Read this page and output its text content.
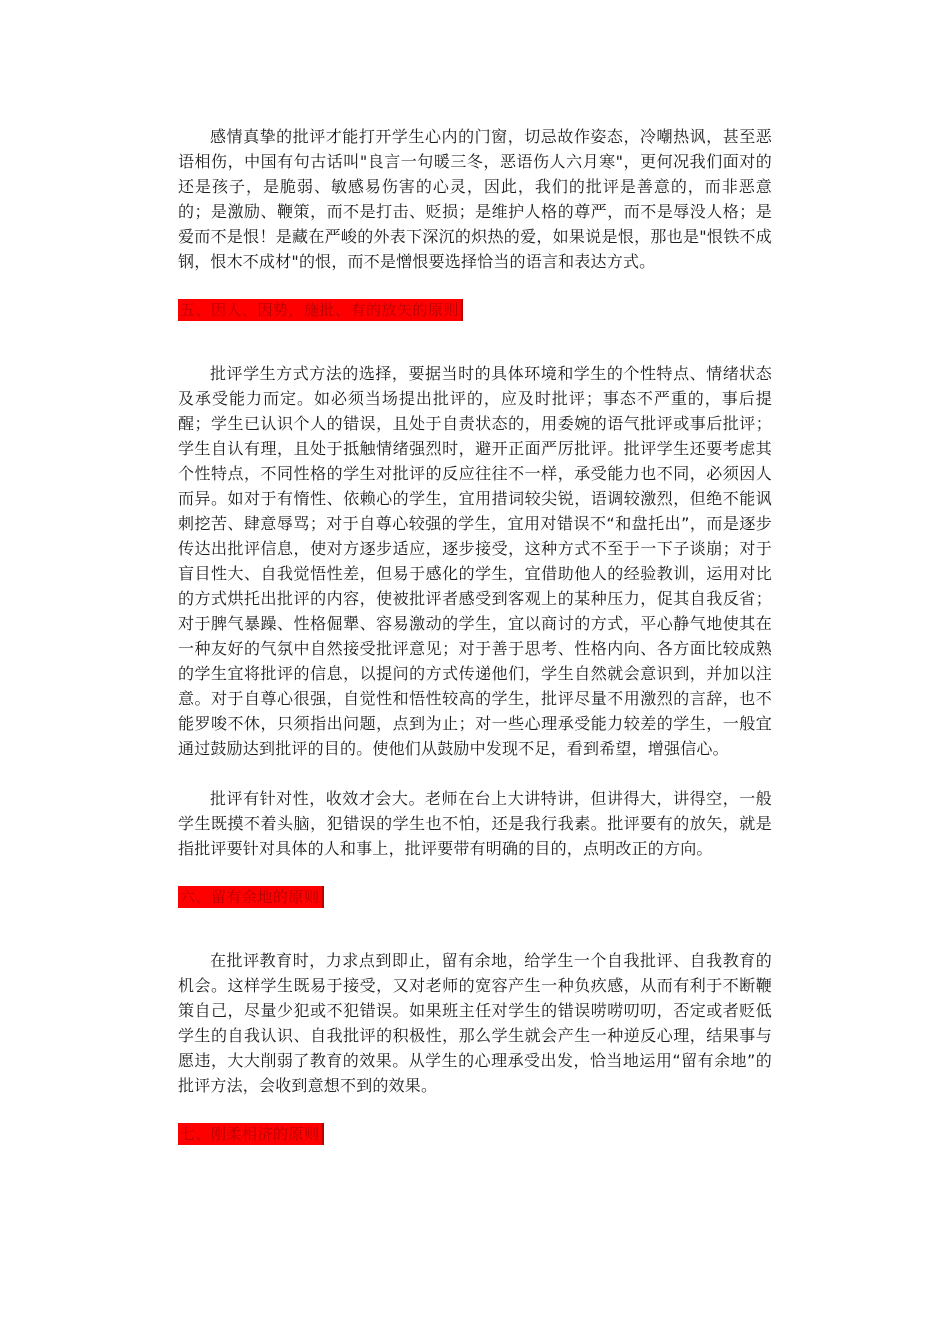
感情真挚的批评才能打开学生心内的门窗，切忌故作姿态，冷嘲热讽，甚至恶语相伤，中国有句古话叫"良言一句暖三冬，恶语伤人六月寒"，更何况我们面对的还是孩子，是脆弱、敏感易伤害的心灵，因此，我们的批评是善意的，而非恶意的；是激励、鞭策，而不是打击、贬损；是维护人格的尊严，而不是辱没人格；是爱而不是恨！是藏在严峻的外表下深沉的炽热的爱，如果说是恨，那也是"恨铁不成钢，恨木不成材"的恨，而不是憎恨要选择恰当的语言和表达方式。

五、因人、因势，施批、有的放矢的原则

批评学生方式方法的选择，要据当时的具体环境和学生的个性特点、情绪状态及承受能力而定。如必须当场提出批评的，应及时批评；事态不严重的，事后提醒；学生已认识个人的错误，且处于自责状态的，用委婉的语气批评或事后批评；学生自认有理，且处于抵触情绪强烈时，避开正面严厉批评。批评学生还要考虑其个性特点，不同性格的学生对批评的反应往往不一样，承受能力也不同，必须因人而异。如对于有惰性、依赖心的学生，宜用措词较尖锐，语调较激烈，但绝不能讽刺挖苦、肆意辱骂；对于自尊心较强的学生，宜用对错误不“和盘托出”，而是逐步传达出批评信息，使对方逐步适应，逐步接受，这种方式不至于一下子谈崩；对于盲目性大、自我觉悟性差，但易于感化的学生，宜借助他人的经验教训，运用对比的方式烘托出批评的内容，使被批评者感受到客观上的某种压力，促其自我反省；对于脾气暴躁、性格倔犟、容易激动的学生，宜以商讨的方式，平心静气地使其在一种友好的气氛中自然接受批评意见；对于善于思考、性格内向、各方面比较成熟的学生宜将批评的信息，以提问的方式传递他们，学生自然就会意识到，并加以注意。对于自尊心很强，自觉性和悟性较高的学生，批评尽量不用激烈的言辞，也不能罗唆不休，只须指出问题，点到为止；对一些心理承受能力较差的学生，一般宜通过鼓励达到批评的目的。使他们从鼓励中发现不足，看到希望，增强信心。

批评有针对性，收效才会大。老师在台上大讲特讲，但讲得大，讲得空，一般学生既摸不着头脑，犯错误的学生也不怕，还是我行我素。批评要有的放矢，就是指批评要针对具体的人和事上，批评要带有明确的目的，点明改正的方向。

六、留有余地的原则

在批评教育时，力求点到即止，留有余地，给学生一个自我批评、自我教育的机会。这样学生既易于接受，又对老师的宽容产生一种负疚感，从而有利于不断鞭策自己，尽量少犯或不犯错误。如果班主任对学生的错误唠唠叨叨，否定或者贬低学生的自我认识、自我批评的积极性，那么学生就会产生一种逆反心理，结果事与愿违，大大削弱了教育的效果。从学生的心理承受出发，恰当地运用“留有余地”的批评方法，会收到意想不到的效果。

七、刚柔相济的原则
